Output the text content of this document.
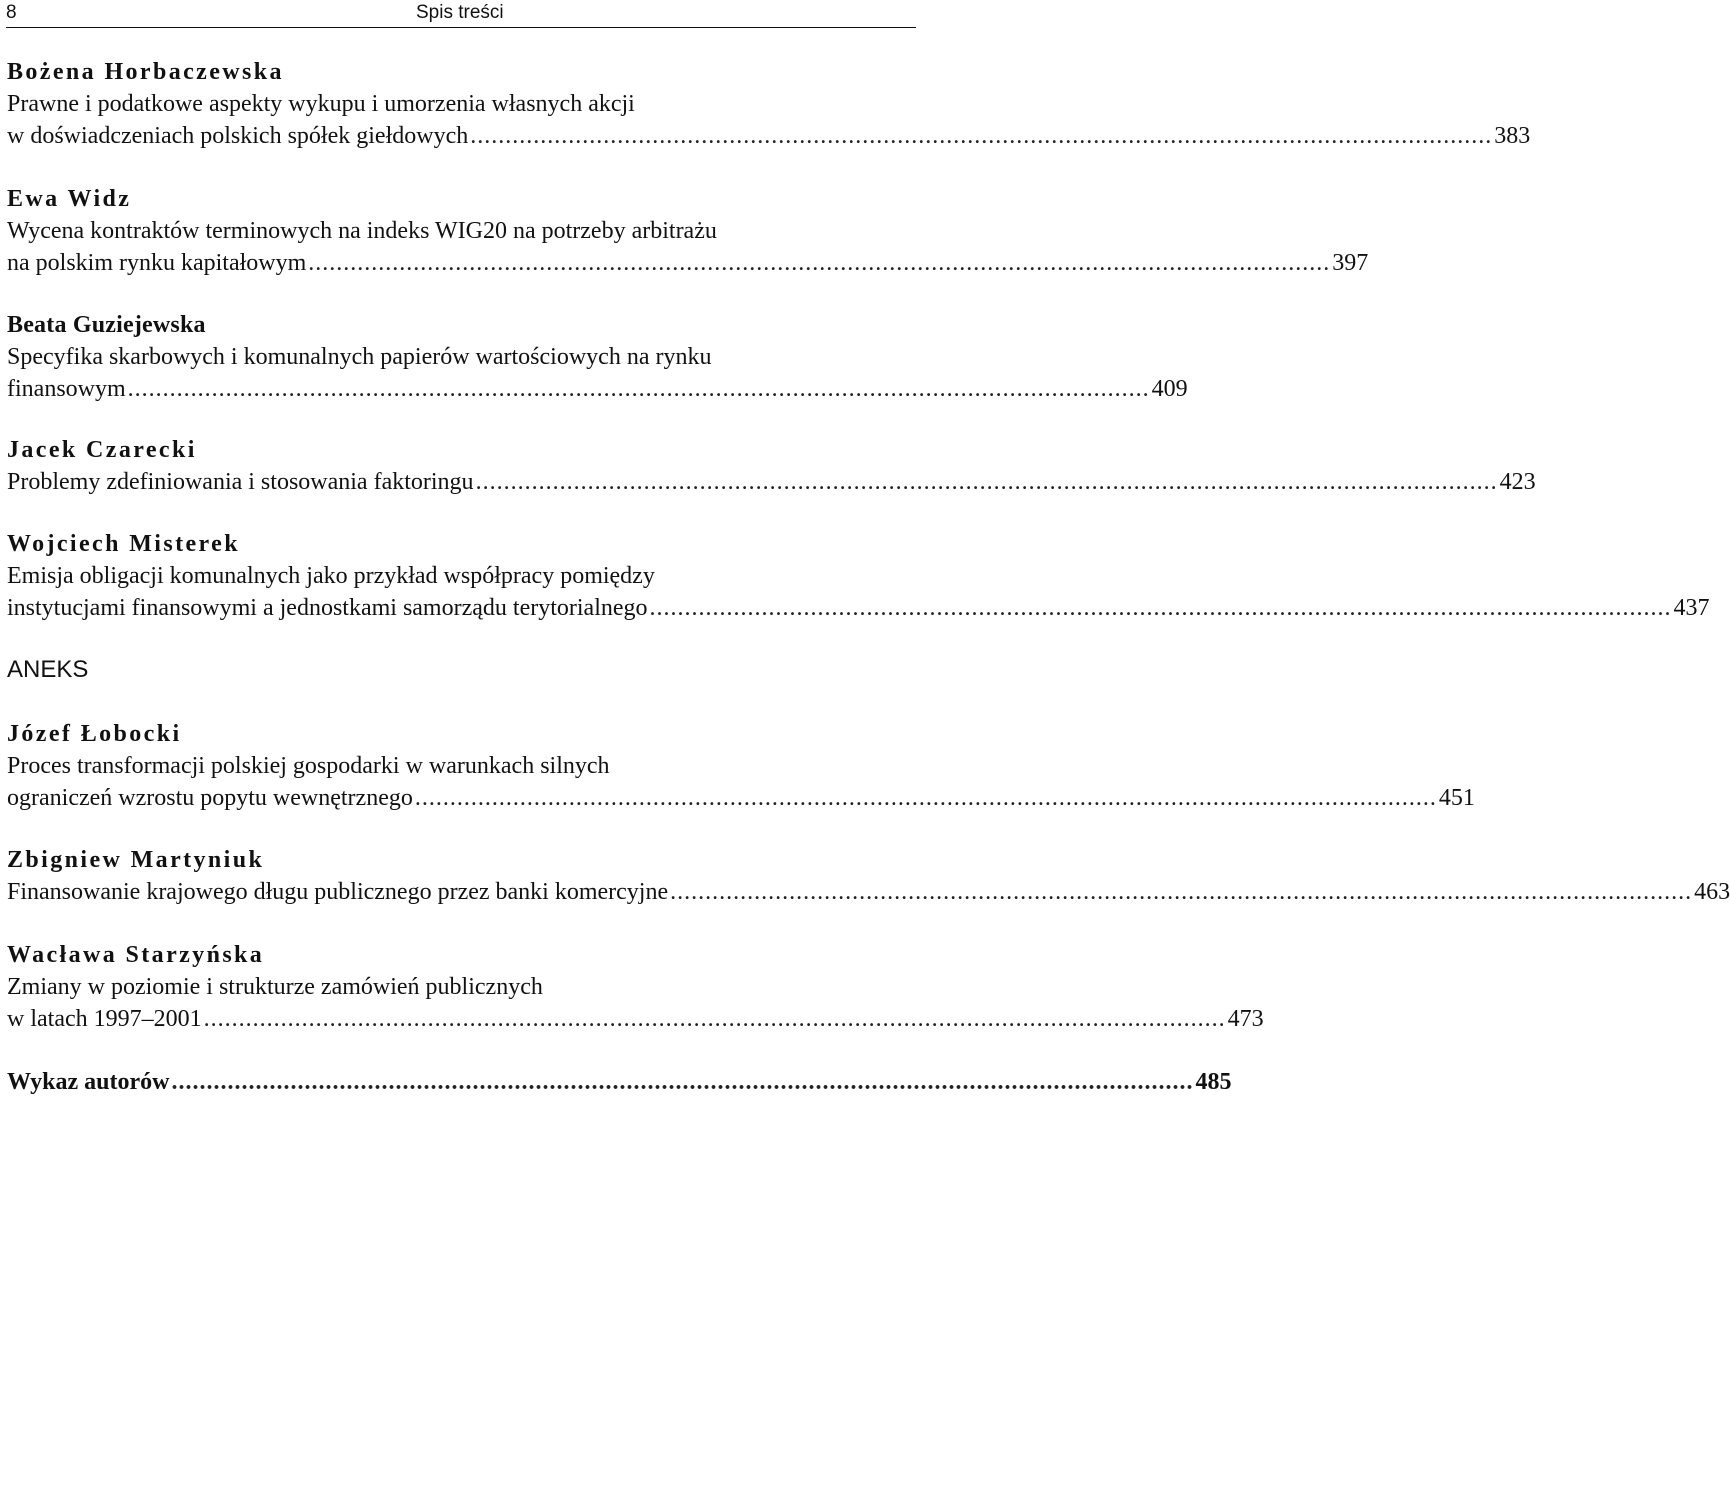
8	Spis treści
Bożena Horbaczewska
Prawne i podatkowe aspekty wykupu i umorzenia własnych akcji
w doświadczeniach polskich spółek giełdowych .................................................................................................................................................. 383
Ewa Widz
Wycena kontraktów terminowych na indeks WIG20 na potrzeby arbitrażu
na polskim rynku kapitałowym .................................................................................................................................................. 397
Beata Guziejewska
Specyfika skarbowych i komunalnych papierów wartościowych na rynku
finansowym .................................................................................................................................................. 409
Jacek Czarecki
Problemy zdefiniowania i stosowania faktoringu .................................................................................................................................................. 423
Wojciech Misterek
Emisja obligacji komunalnych jako przykład współpracy pomiędzy
instytucjami finansowymi a jednostkami samorządu terytorialnego .................................................................................................................................................. 437
ANEKS
Józef Łobocki
Proces transformacji polskiej gospodarki w warunkach silnych
ograniczeń wzrostu popytu wewnętrznego .................................................................................................................................................. 451
Zbigniew Martyniuk
Finansowanie krajowego długu publicznego przez banki komercyjne .................................................................................................................................................. 463
Wacława Starzyńska
Zmiany w poziomie i strukturze zamówień publicznych
w latach 1997–2001 .................................................................................................................................................. 473
Wykaz autorów .................................................................................................................................................. 485
